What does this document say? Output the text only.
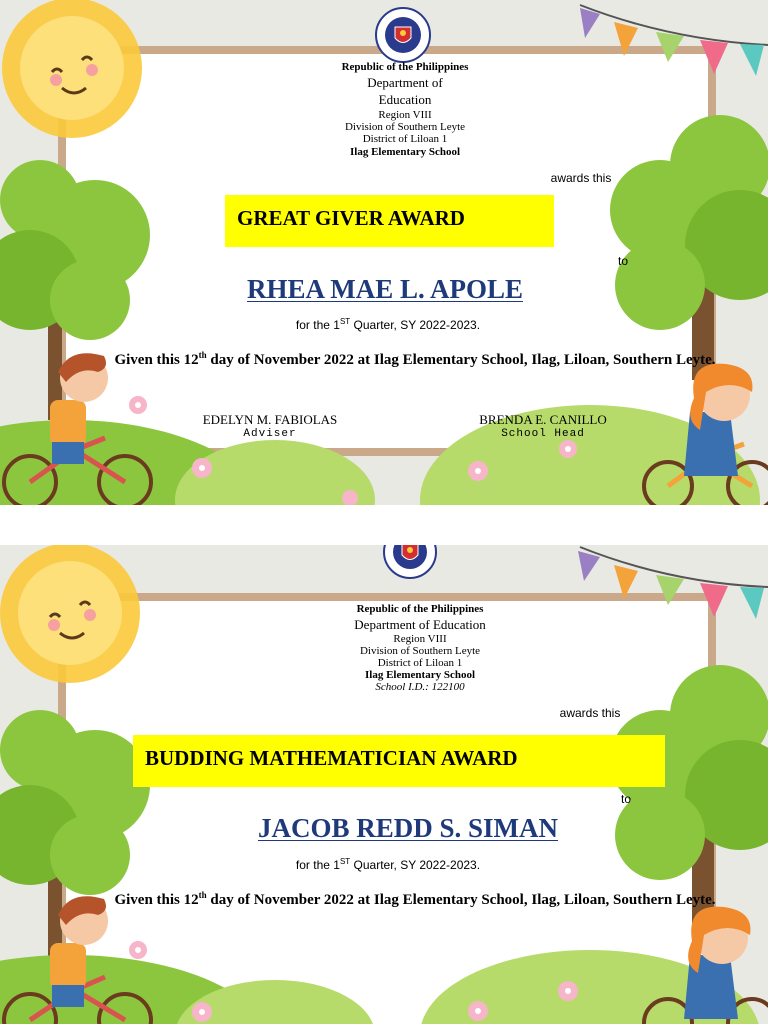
Republic of the Philippines
Department of
Education
Region VIII
Division of Southern Leyte
District of Liloan 1
Ilag Elementary School
awards this
GREAT GIVER AWARD
to
RHEA MAE L. APOLE
for the 1ST Quarter, SY 2022-2023.
Given this 12th day of November 2022 at Ilag Elementary School, Ilag, Liloan, Southern Leyte.
EDELYN M. FABIOLAS
Adviser
BRENDA E. CANILLO
School Head
Republic of the Philippines
Department of Education
Region VIII
Division of Southern Leyte
District of Liloan 1
Ilag Elementary School
School I.D.: 122100
awards this
BUDDING MATHEMATICIAN AWARD
to
JACOB REDD S. SIMAN
for the 1ST Quarter, SY 2022-2023.
Given this 12th day of November 2022 at Ilag Elementary School, Ilag, Liloan, Southern Leyte.
